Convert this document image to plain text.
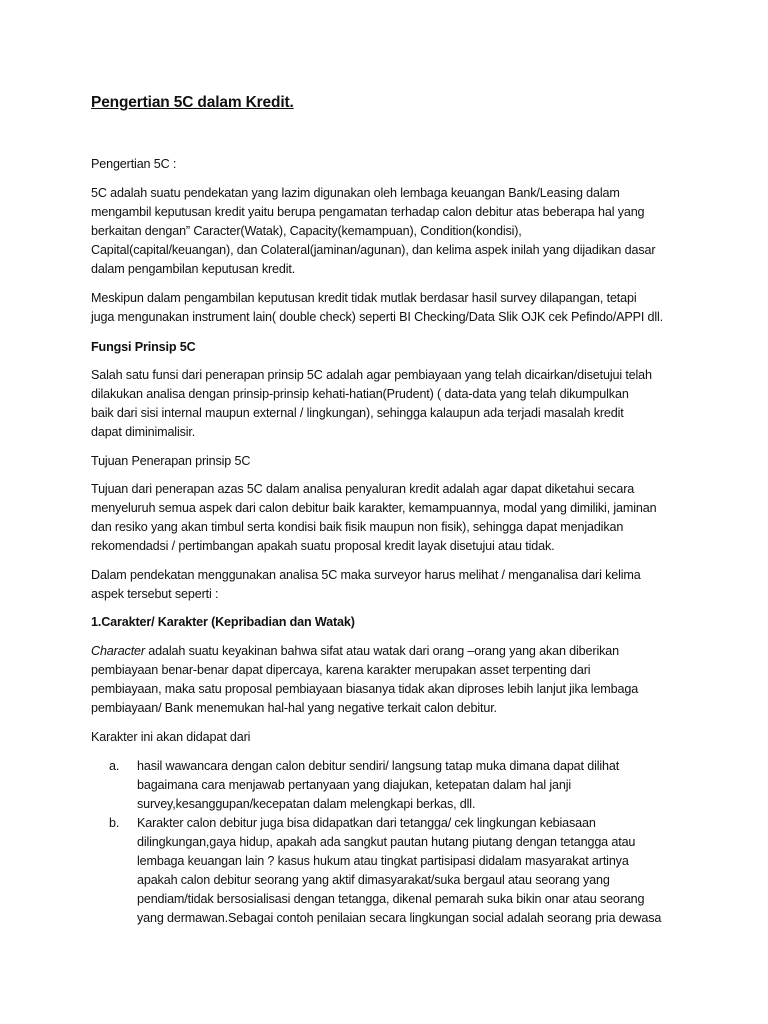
Pengertian 5C dalam Kredit.
Pengertian 5C :
5C adalah suatu pendekatan yang lazim digunakan oleh lembaga keuangan Bank/Leasing dalam
mengambil keputusan kredit yaitu berupa pengamatan terhadap calon debitur atas beberapa hal yang
berkaitan dengan” Caracter(Watak), Capacity(kemampuan), Condition(kondisi),
Capital(capital/keuangan), dan Colateral(jaminan/agunan), dan kelima aspek inilah yang dijadikan dasar
dalam pengambilan keputusan kredit.
Meskipun dalam pengambilan keputusan kredit tidak mutlak berdasar hasil survey dilapangan, tetapi
juga mengunakan instrument lain( double check) seperti BI Checking/Data Slik OJK cek Pefindo/APPI dll.
Fungsi Prinsip 5C
Salah satu funsi dari penerapan prinsip 5C adalah agar pembiayaan yang telah dicairkan/disetujui telah
dilakukan analisa dengan prinsip-prinsip kehati-hatian(Prudent) ( data-data yang telah dikumpulkan
baik dari sisi internal maupun external / lingkungan), sehingga kalaupun ada terjadi masalah kredit
dapat diminimalisir.
Tujuan Penerapan prinsip 5C
Tujuan dari penerapan azas 5C dalam analisa penyaluran kredit adalah agar dapat diketahui secara
menyeluruh semua aspek dari calon debitur baik karakter, kemampuannya, modal yang dimiliki, jaminan
dan resiko yang akan timbul serta kondisi baik fisik maupun non fisik), sehingga dapat menjadikan
rekomendadsi / pertimbangan apakah suatu proposal kredit layak disetujui atau tidak.
Dalam pendekatan menggunakan analisa 5C maka surveyor harus melihat / menganalisa dari kelima
aspek tersebut seperti :
1.Carakter/ Karakter (Kepribadian dan Watak)
Character adalah suatu keyakinan bahwa sifat atau watak dari orang –orang yang akan diberikan
pembiayaan benar-benar dapat dipercaya, karena karakter merupakan asset terpenting dari
pembiayaan, maka satu proposal pembiayaan biasanya tidak akan diproses lebih lanjut jika lembaga
pembiayaan/ Bank menemukan hal-hal yang negative terkait calon debitur.
Karakter ini akan didapat dari
a. hasil wawancara dengan calon debitur sendiri/ langsung tatap muka dimana dapat dilihat
bagaimana cara menjawab pertanyaan yang diajukan, ketepatan dalam hal janji
survey,kesanggupan/kecepatan dalam melengkapi berkas, dll.
b. Karakter calon debitur juga bisa didapatkan dari tetangga/ cek lingkungan kebiasaan
dilingkungan,gaya hidup, apakah ada sangkut pautan hutang piutang dengan tetangga atau
lembaga keuangan lain ? kasus hukum atau tingkat partisipasi didalam masyarakat artinya
apakah calon debitur seorang yang aktif dimasyarakat/suka bergaul atau seorang yang
pendiam/tidak bersosialisasi dengan tetangga, dikenal pemarah suka bikin onar atau seorang
yang dermawan.Sebagai contoh penilaian secara lingkungan social adalah seorang pria dewasa
